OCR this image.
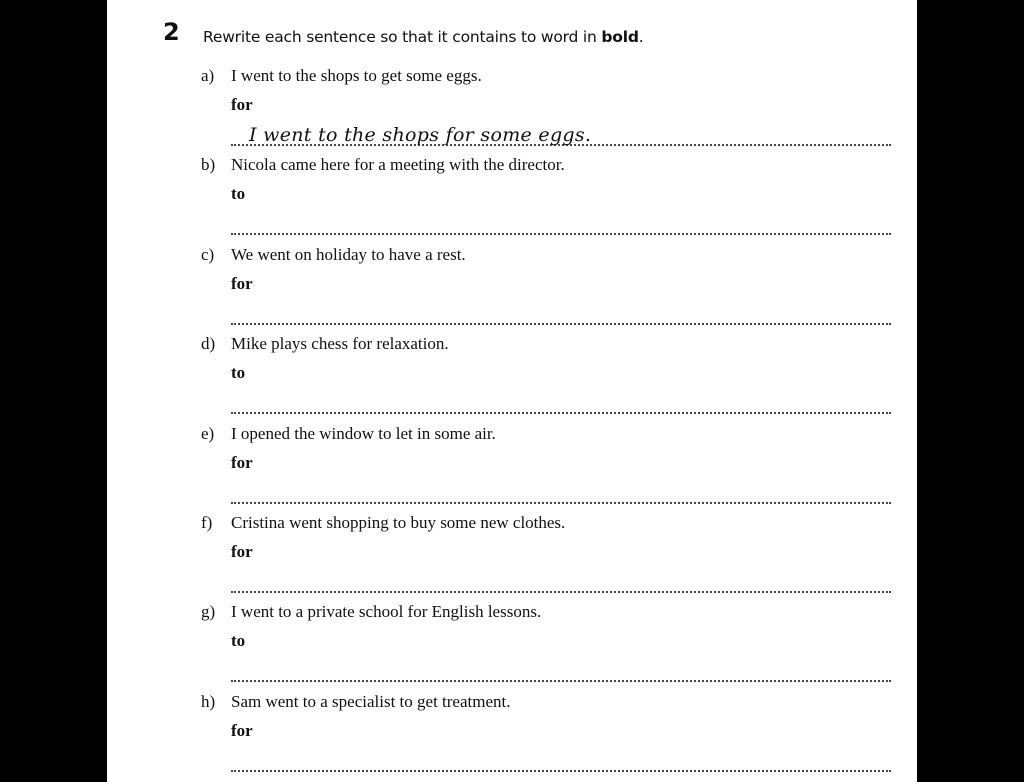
2 Rewrite each sentence so that it contains to word in bold.
a) I went to the shops to get some eggs.
for
I went to the shops for some eggs.
b) Nicola came here for a meeting with the director.
to
c) We went on holiday to have a rest.
for
d) Mike plays chess for relaxation.
to
e) I opened the window to let in some air.
for
f) Cristina went shopping to buy some new clothes.
for
g) I went to a private school for English lessons.
to
h) Sam went to a specialist to get treatment.
for
